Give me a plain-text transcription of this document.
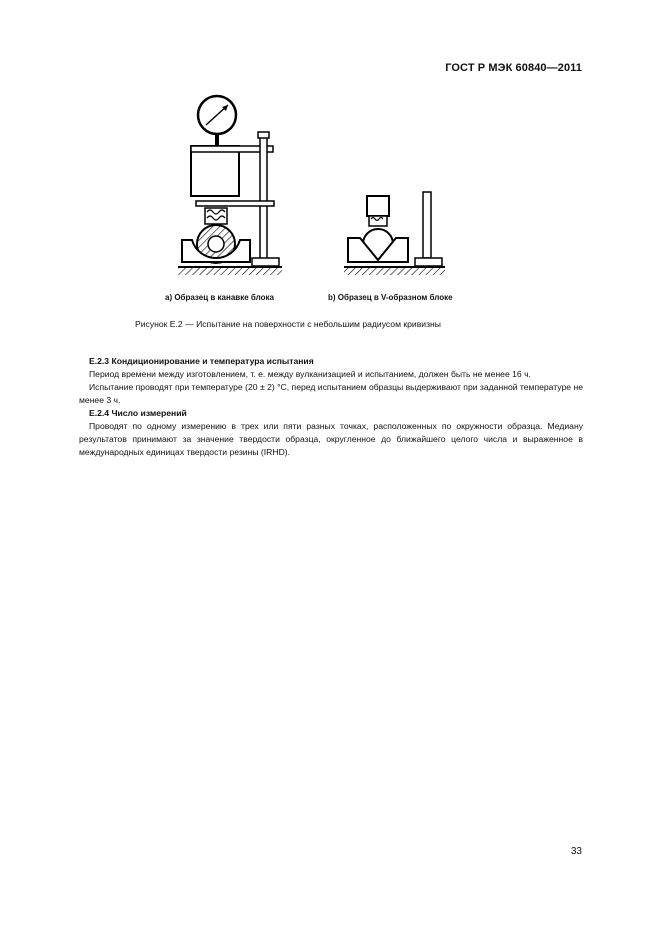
ГОСТ Р МЭК 60840—2011
а) Образец в канавке блока	b) Образец в V-образном блоке
Рисунок Е.2 — Испытание на поверхности с небольшим радиусом кривизны
Е.2.3 Кондиционирование и температура испытания
Период времени между изготовлением, т. е. между вулканизацией и испытанием, должен быть не менее 16 ч.
Испытание проводят при температуре (20 ± 2) °С, перед испытанием образцы выдерживают при заданной температуре не менее 3 ч.
Е.2.4 Число измерений
Проводят по одному измерению в трех или пяти разных точках, расположенных по окружности образца. Медиану результатов принимают за значение твердости образца, округленное до ближайшего целого числа и выраженное в международных единицах твердости резины (IRHD).
33
